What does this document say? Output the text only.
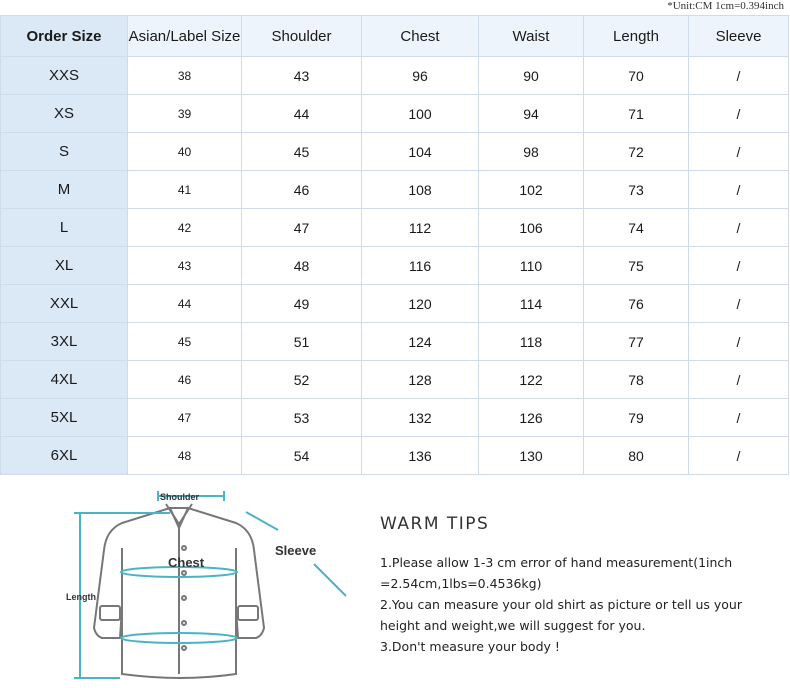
*Unit:CM 1cm=0.394inch
Order Size	Asian/Label Size	Shoulder	Chest	Waist	Length	Sleeve
XXS	38	43	96	90	70	/
XS	39	44	100	94	71	/
S	40	45	104	98	72	/
M	41	46	108	102	73	/
L	42	47	112	106	74	/
XL	43	48	116	110	75	/
XXL	44	49	120	114	76	/
3XL	45	51	124	118	77	/
4XL	46	52	128	122	78	/
5XL	47	53	132	126	79	/
6XL	48	54	136	130	80	/
Shoulder
Chest
Sleeve
Length
WARM TIPS

1.Please allow 1-3 cm error of hand measurement(1inch =2.54cm,1lbs=0.4536kg)

2.You can measure your old shirt as picture or tell us your height and weight,we will suggest for you.

3.Don't measure your body !
